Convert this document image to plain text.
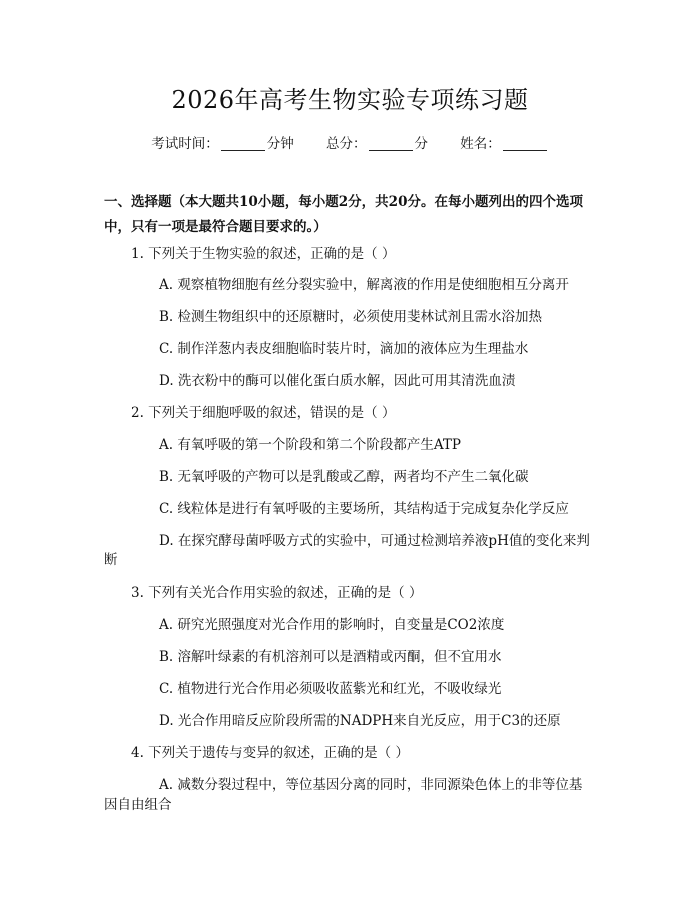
2026年高考生物实验专项练习题
考试时间：	分钟 总分：	分 姓名：
一、选择题（本大题共10小题，每小题2分，共20分。在每小题列出的四个选项中，只有一项是最符合题目要求的。）
1. 下列关于生物实验的叙述，正确的是（ ）
A. 观察植物细胞有丝分裂实验中，解离液的作用是使细胞相互分离开
B. 检测生物组织中的还原糖时，必须使用斐林试剂且需水浴加热
C. 制作洋葱内表皮细胞临时装片时，滴加的液体应为生理盐水
D. 洗衣粉中的酶可以催化蛋白质水解，因此可用其清洗血渍
2. 下列关于细胞呼吸的叙述，错误的是（ ）
A. 有氧呼吸的第一个阶段和第二个阶段都产生ATP
B. 无氧呼吸的产物可以是乳酸或乙醇，两者均不产生二氧化碳
C. 线粒体是进行有氧呼吸的主要场所，其结构适于完成复杂化学反应
D. 在探究酵母菌呼吸方式的实验中，可通过检测培养液pH值的变化来判
断
3. 下列有关光合作用实验的叙述，正确的是（ ）
A. 研究光照强度对光合作用的影响时，自变量是CO2浓度
B. 溶解叶绿素的有机溶剂可以是酒精或丙酮，但不宜用水
C. 植物进行光合作用必须吸收蓝紫光和红光，不吸收绿光
D. 光合作用暗反应阶段所需的NADPH来自光反应，用于C3的还原
4. 下列关于遗传与变异的叙述，正确的是（ ）
A. 减数分裂过程中，等位基因分离的同时，非同源染色体上的非等位基
因自由组合
